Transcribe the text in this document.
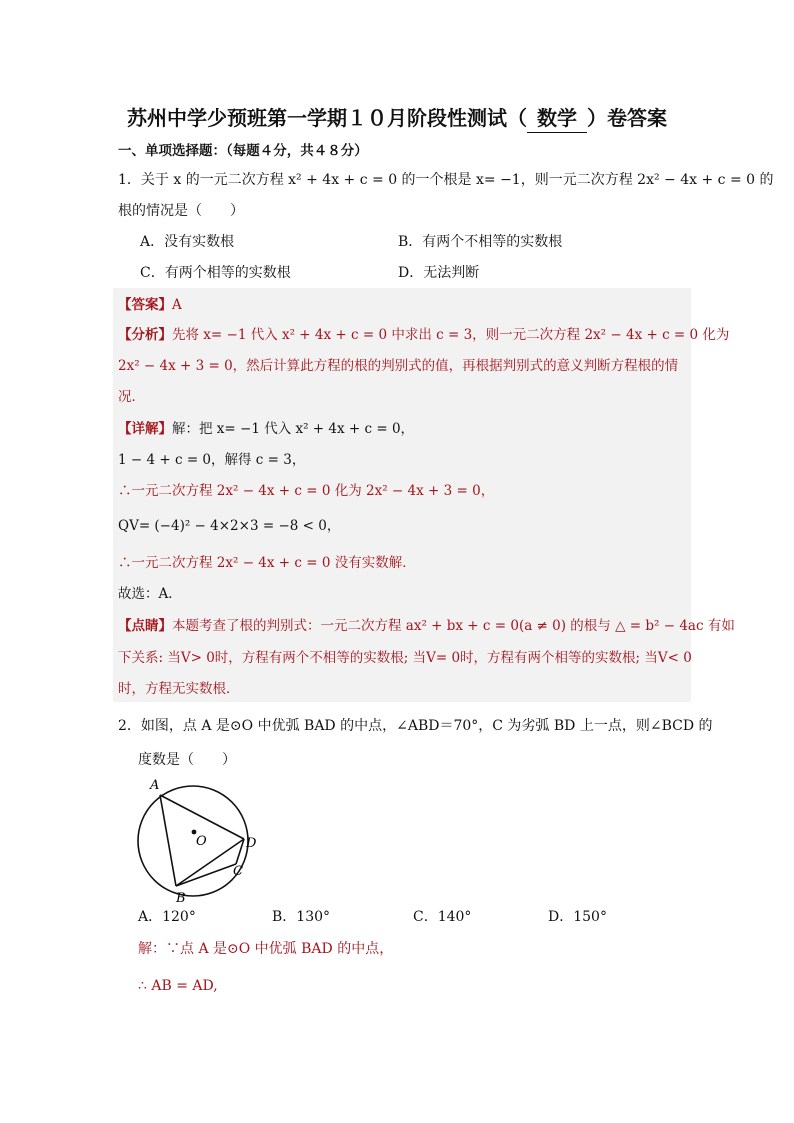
苏州中学少预班第一学期１０月阶段性测试（ 数学 ）卷答案
一、单项选择题：（每题４分，共４８分）
1．关于 x 的一元二次方程 x² + 4x + c = 0 的一个根是 x= −1，则一元二次方程 2x² − 4x + c = 0 的
根的情况是（　　）
A．没有实数根	B．有两个不相等的实数根
C．有两个相等的实数根	D．无法判断
【答案】A
【分析】先将 x= −1 代入 x² + 4x + c = 0 中求出 c = 3，则一元二次方程 2x² − 4x + c = 0 化为
2x² − 4x + 3 = 0，然后计算此方程的根的判别式的值，再根据判别式的意义判断方程根的情
况．
【详解】解：把 x= −1 代入 x² + 4x + c = 0，
1 − 4 + c = 0，解得 c = 3，
∴一元二次方程 2x² − 4x + c = 0 化为 2x² − 4x + 3 = 0，
QV= (−4)² − 4×2×3 = −8 < 0，
∴一元二次方程 2x² − 4x + c = 0 没有实数解．
故选：A．
【点睛】本题考查了根的判别式：一元二次方程 ax² + bx + c = 0(a ≠ 0) 的根与 △ = b² − 4ac 有如
下关系: 当V> 0时，方程有两个不相等的实数根; 当V= 0时，方程有两个相等的实数根; 当V< 0
时，方程无实数根．
2．如图，点 A 是⊙O 中优弧 BAD 的中点，∠ABD＝70°，C 为劣弧 BD 上一点，则∠BCD 的
度数是（　　）
A
O	D
C
B
A．120°	B．130°	C．140°	D．150°
解：∵点 A 是⊙O 中优弧 BAD 的中点，
∴ AB = AD,
